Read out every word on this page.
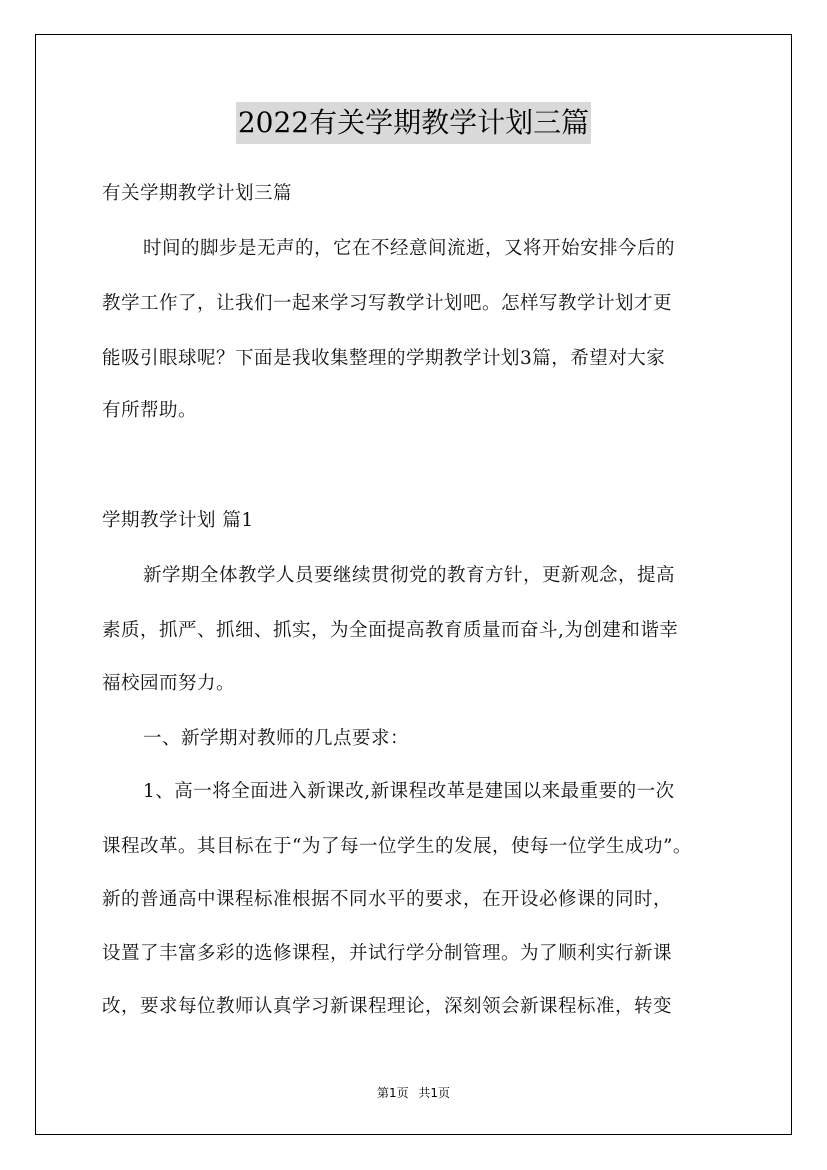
2022有关学期教学计划三篇
有关学期教学计划三篇
时间的脚步是无声的，它在不经意间流逝，又将开始安排今后的
教学工作了，让我们一起来学习写教学计划吧。怎样写教学计划才更
能吸引眼球呢？下面是我收集整理的学期教学计划3篇，希望对大家
有所帮助。
学期教学计划 篇1
新学期全体教学人员要继续贯彻党的教育方针，更新观念，提高
素质，抓严、抓细、抓实，为全面提高教育质量而奋斗,为创建和谐幸
福校园而努力。
一、新学期对教师的几点要求：
1、高一将全面进入新课改,新课程改革是建国以来最重要的一次
课程改革。其目标在于“为了每一位学生的发展，使每一位学生成功”。
新的普通高中课程标准根据不同水平的要求，在开设必修课的同时，
设置了丰富多彩的选修课程，并试行学分制管理。为了顺利实行新课
改，要求每位教师认真学习新课程理论，深刻领会新课程标准，转变
第1页 共1页
